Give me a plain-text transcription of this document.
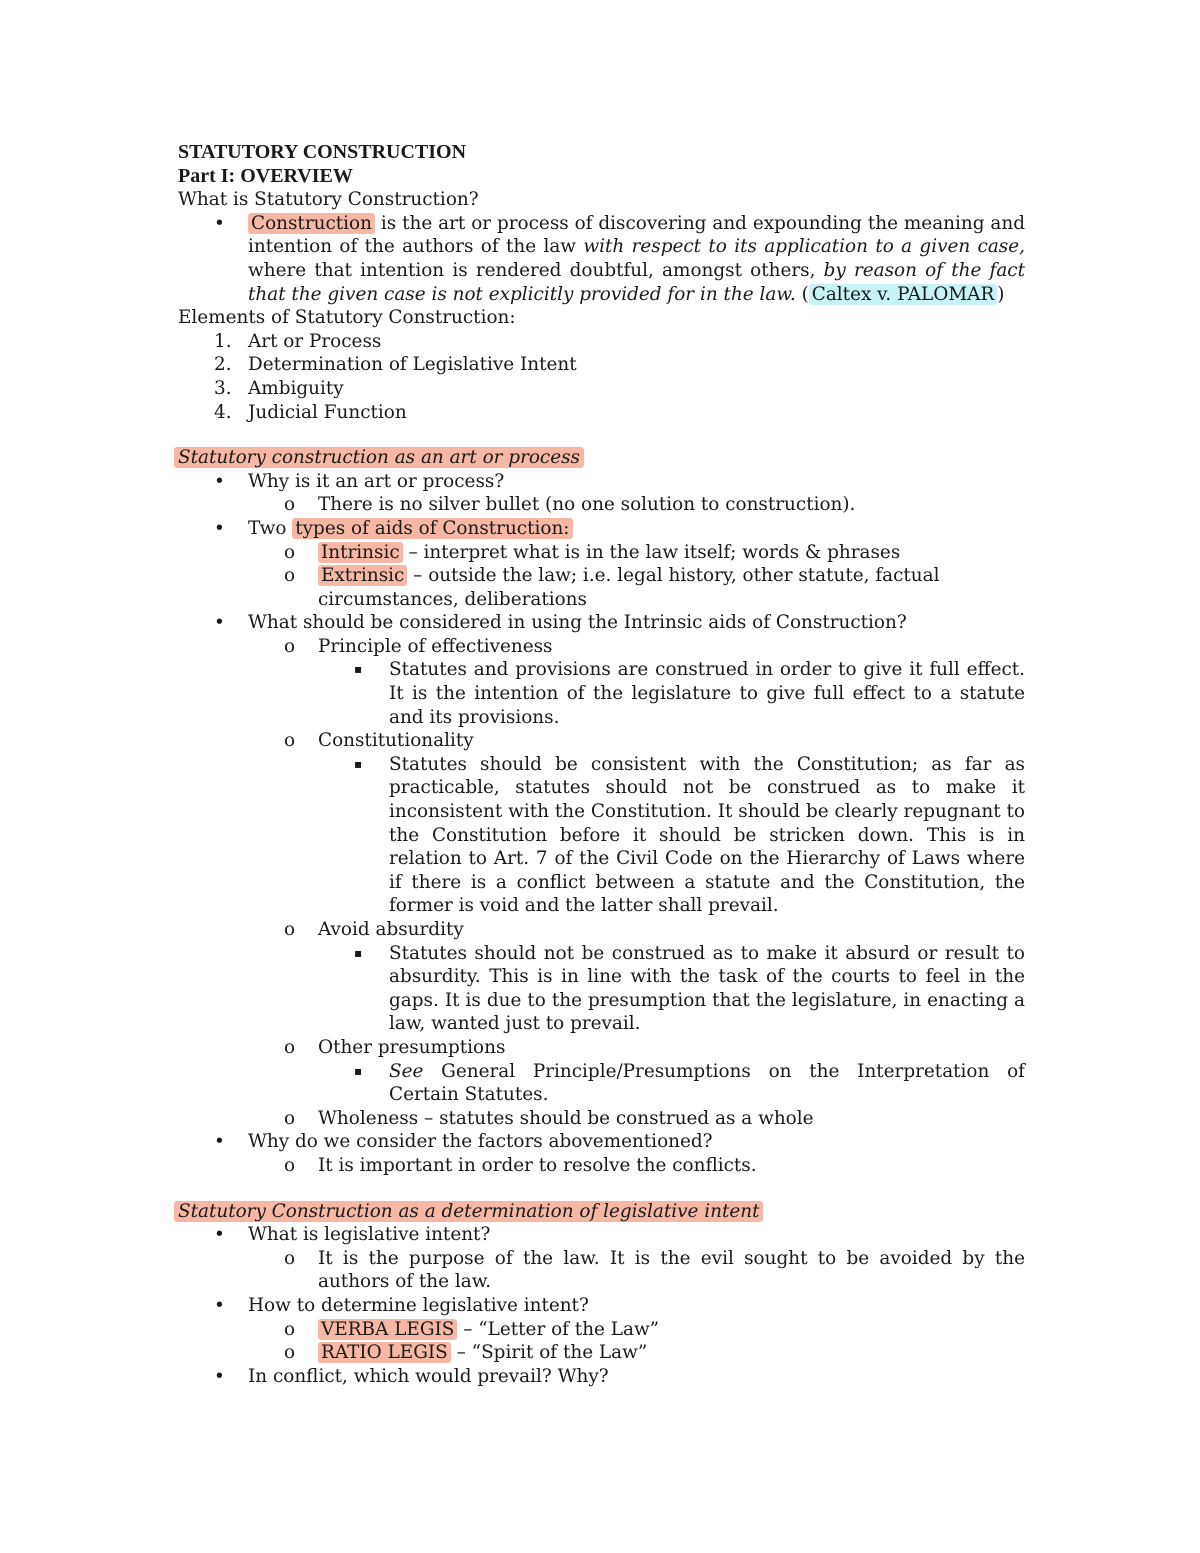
STATUTORY CONSTRUCTION
Part I: OVERVIEW
What is Statutory Construction?
• Construction is the art or process of discovering and expounding the meaning and intention of the authors of the law with respect to its application to a given case, where that intention is rendered doubtful, amongst others, by reason of the fact that the given case is not explicitly provided for in the law. ( Caltex v. PALOMAR )
Elements of Statutory Construction:
1. Art or Process
2. Determination of Legislative Intent
3. Ambiguity
4. Judicial Function
Statutory construction as an art or process
• Why is it an art or process?
o There is no silver bullet (no one solution to construction).
• Two types of aids of Construction:
o Intrinsic – interpret what is in the law itself; words & phrases
o Extrinsic – outside the law; i.e. legal history, other statute, factual circumstances, deliberations
• What should be considered in using the Intrinsic aids of Construction?
o Principle of effectiveness
▪ Statutes and provisions are construed in order to give it full effect. It is the intention of the legislature to give full effect to a statute and its provisions.
o Constitutionality
▪ Statutes should be consistent with the Constitution; as far as practicable, statutes should not be construed as to make it inconsistent with the Constitution. It should be clearly repugnant to the Constitution before it should be stricken down. This is in relation to Art. 7 of the Civil Code on the Hierarchy of Laws where if there is a conflict between a statute and the Constitution, the former is void and the latter shall prevail.
o Avoid absurdity
▪ Statutes should not be construed as to make it absurd or result to absurdity. This is in line with the task of the courts to feel in the gaps. It is due to the presumption that the legislature, in enacting a law, wanted just to prevail.
o Other presumptions
▪ See General Principle/Presumptions on the Interpretation of Certain Statutes.
o Wholeness – statutes should be construed as a whole
• Why do we consider the factors abovementioned?
o It is important in order to resolve the conflicts.
Statutory Construction as a determination of legislative intent
• What is legislative intent?
o It is the purpose of the law. It is the evil sought to be avoided by the authors of the law.
• How to determine legislative intent?
o VERBA LEGIS – “Letter of the Law”
o RATIO LEGIS – “Spirit of the Law”
• In conflict, which would prevail? Why?
